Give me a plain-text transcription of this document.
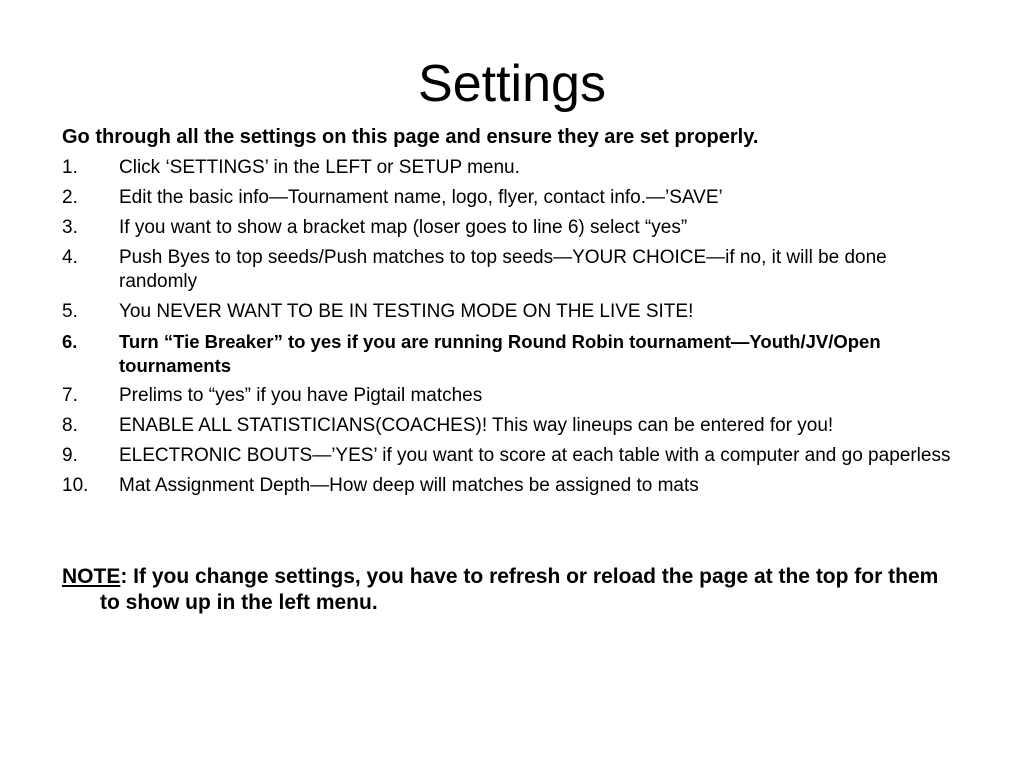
Settings

Go through all the settings on this page and ensure they are set properly.

1.	Click ‘SETTINGS’ in the LEFT or SETUP menu.
2.	Edit the basic info—Tournament name, logo, flyer, contact info.—’SAVE’
3.	If you want to show a bracket map (loser goes to line 6) select “yes”
4.	Push Byes to top seeds/Push matches to top seeds—YOUR CHOICE—if no, it will be done randomly
5.	You NEVER WANT TO BE IN TESTING MODE ON THE LIVE SITE!
6.	Turn “Tie Breaker” to yes if you are running Round Robin tournament—Youth/JV/Open tournaments
7.	Prelims to “yes” if you have Pigtail matches
8.	ENABLE ALL STATISTICIANS(COACHES)! This way lineups can be entered for you!
9.	ELECTRONIC BOUTS—’YES’ if you want to score at each table with a computer and go paperless
10.	Mat Assignment Depth—How deep will matches be assigned to mats

NOTE: If you change settings, you have to refresh or reload the page at the top for them to show up in the left menu.
